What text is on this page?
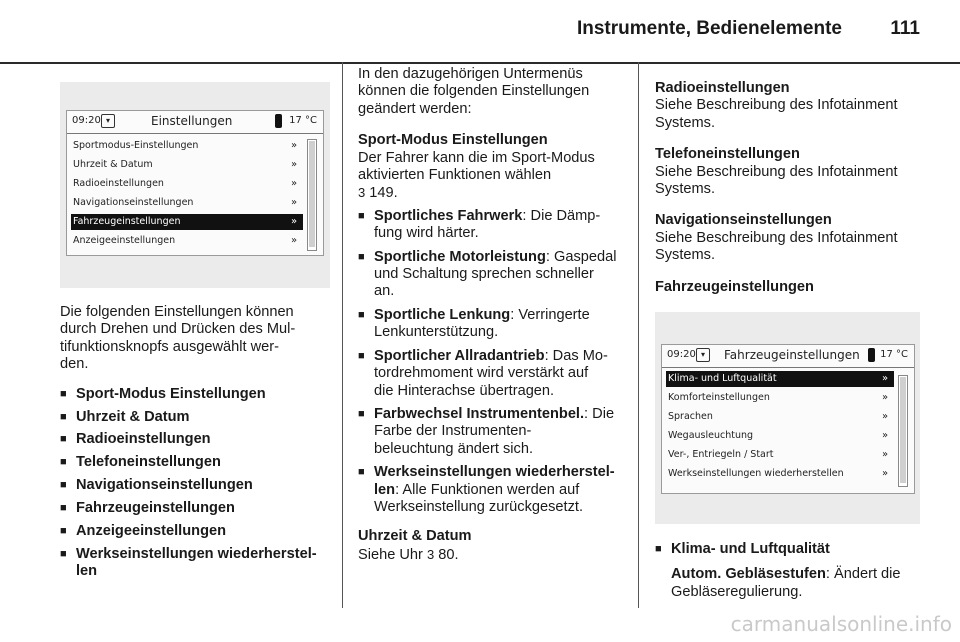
Instrumente, Bedienelemente	111
09:20 ▾	Einstellungen	17 °C
Sportmodus-Einstellungen	»
Uhrzeit & Datum	»
Radioeinstellungen	»
Navigationseinstellungen	»
Fahrzeugeinstellungen	»
Anzeigeeinstellungen	»

Die folgenden Einstellungen können
durch Drehen und Drücken des Mul-
tifunktionsknopfs ausgewählt wer-
den.

■ Sport-Modus Einstellungen
■ Uhrzeit & Datum
■ Radioeinstellungen
■ Telefoneinstellungen
■ Navigationseinstellungen
■ Fahrzeugeinstellungen
■ Anzeigeeinstellungen
■ Werkseinstellungen wiederherstel-
len

In den dazugehörigen Untermenüs
können die folgenden Einstellungen
geändert werden:

Sport-Modus Einstellungen

Der Fahrer kann die im Sport-Modus
aktivierten Funktionen wählen
3 149.

■ Sportliches Fahrwerk: Die Dämp-
fung wird härter.
■ Sportliche Motorleistung: Gaspedal
und Schaltung sprechen schneller
an.
■ Sportliche Lenkung: Verringerte
Lenkunterstützung.
■ Sportlicher Allradantrieb: Das Mo-
tordrehmoment wird verstärkt auf
die Hinterachse übertragen.
■ Farbwechsel Instrumentenbel.: Die
Farbe der Instrumenten-
beleuchtung ändert sich.
■ Werkseinstellungen wiederherstel-
len: Alle Funktionen werden auf
Werkseinstellung zurückgesetzt.
Uhrzeit & Datum

Siehe Uhr 3 80.

Radioeinstellungen

Siehe Beschreibung des Infotainment
Systems.

Telefoneinstellungen

Siehe Beschreibung des Infotainment
Systems.

Navigationseinstellungen

Siehe Beschreibung des Infotainment
Systems.

Fahrzeugeinstellungen
09:20 ▾	Fahrzeugeinstellungen 17 °C
Klima- und Luftqualität	»
Komforteinstellungen	»
Sprachen	»
Wegausleuchtung	»
Ver-, Entriegeln / Start	»
Werkseinstellungen wiederherstellen	»
■ Klima- und Luftqualität
Autom. Gebläsestufen: Ändert die
Gebläseregulierung.
carmanualsonline.info
